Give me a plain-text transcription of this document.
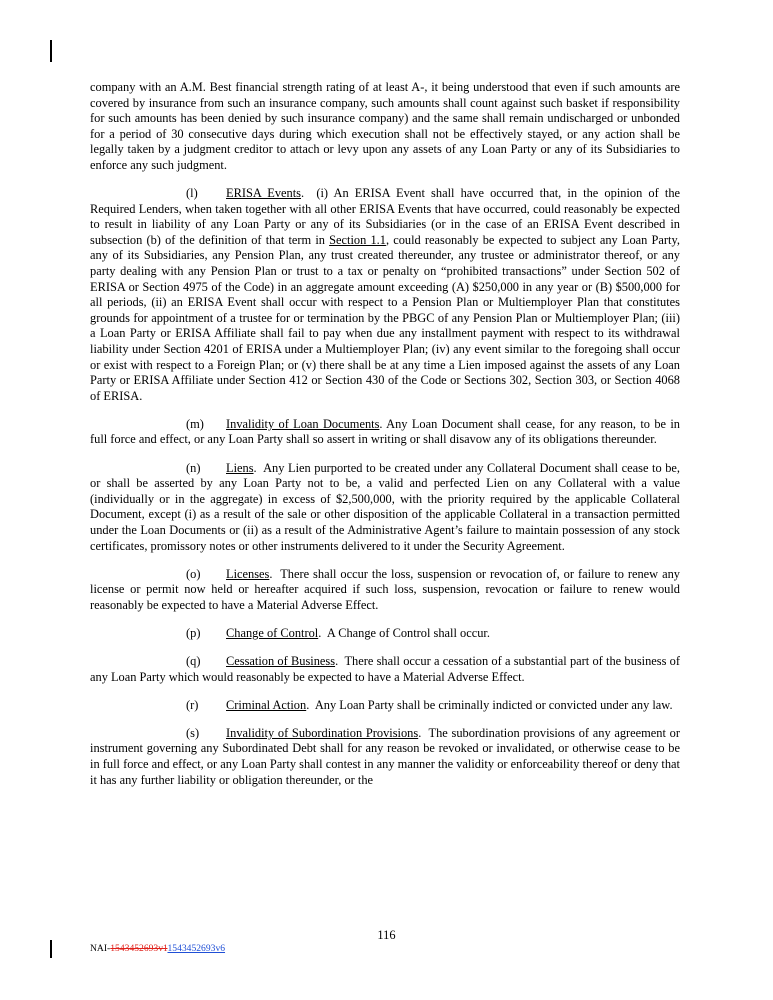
company with an A.M. Best financial strength rating of at least A-, it being understood that even if such amounts are covered by insurance from such an insurance company, such amounts shall count against such basket if responsibility for such amounts has been denied by such insurance company) and the same shall remain undischarged or unbonded for a period of 30 consecutive days during which execution shall not be effectively stayed, or any action shall be legally taken by a judgment creditor to attach or levy upon any assets of any Loan Party or any of its Subsidiaries to enforce any such judgment.

(l) ERISA Events.  (i) An ERISA Event shall have occurred that, in the opinion of the Required Lenders, when taken together with all other ERISA Events that have occurred, could reasonably be expected to result in liability of any Loan Party or any of its Subsidiaries (or in the case of an ERISA Event described in subsection (b) of the definition of that term in Section 1.1, could reasonably be expected to subject any Loan Party, any of its Subsidiaries, any Pension Plan, any trust created thereunder, any trustee or administrator thereof, or any party dealing with any Pension Plan or trust to a tax or penalty on “prohibited transactions” under Section 502 of ERISA or Section 4975 of the Code) in an aggregate amount exceeding (A) $250,000 in any year or (B) $500,000 for all periods, (ii) an ERISA Event shall occur with respect to a Pension Plan or Multiemployer Plan that constitutes grounds for appointment of a trustee for or termination by the PBGC of any Pension Plan or Multiemployer Plan; (iii) a Loan Party or ERISA Affiliate shall fail to pay when due any installment payment with respect to its withdrawal liability under Section 4201 of ERISA under a Multiemployer Plan; (iv) any event similar to the foregoing shall occur or exist with respect to a Foreign Plan; or (v) there shall be at any time a Lien imposed against the assets of any Loan Party or ERISA Affiliate under Section 412 or Section 430 of the Code or Sections 302, Section 303, or Section 4068 of ERISA.

(m) Invalidity of Loan Documents. Any Loan Document shall cease, for any reason, to be in full force and effect, or any Loan Party shall so assert in writing or shall disavow any of its obligations thereunder.

(n) Liens.  Any Lien purported to be created under any Collateral Document shall cease to be, or shall be asserted by any Loan Party not to be, a valid and perfected Lien on any Collateral with a value (individually or in the aggregate) in excess of $2,500,000, with the priority required by the applicable Collateral Document, except (i) as a result of the sale or other disposition of the applicable Collateral in a transaction permitted under the Loan Documents or (ii) as a result of the Administrative Agent’s failure to maintain possession of any stock certificates, promissory notes or other instruments delivered to it under the Security Agreement.

(o) Licenses.  There shall occur the loss, suspension or revocation of, or failure to renew any license or permit now held or hereafter acquired if such loss, suspension, revocation or failure to renew would reasonably be expected to have a Material Adverse Effect.

(p) Change of Control.  A Change of Control shall occur.

(q) Cessation of Business.  There shall occur a cessation of a substantial part of the business of any Loan Party which would reasonably be expected to have a Material Adverse Effect.

(r) Criminal Action.  Any Loan Party shall be criminally indicted or convicted under any law.

(s) Invalidity of Subordination Provisions.  The subordination provisions of any agreement or instrument governing any Subordinated Debt shall for any reason be revoked or invalidated, or otherwise cease to be in full force and effect, or any Loan Party shall contest in any manner the validity or enforceability thereof or deny that it has any further liability or obligation thereunder, or the

116
NAI-1543452693v11543452693v6
